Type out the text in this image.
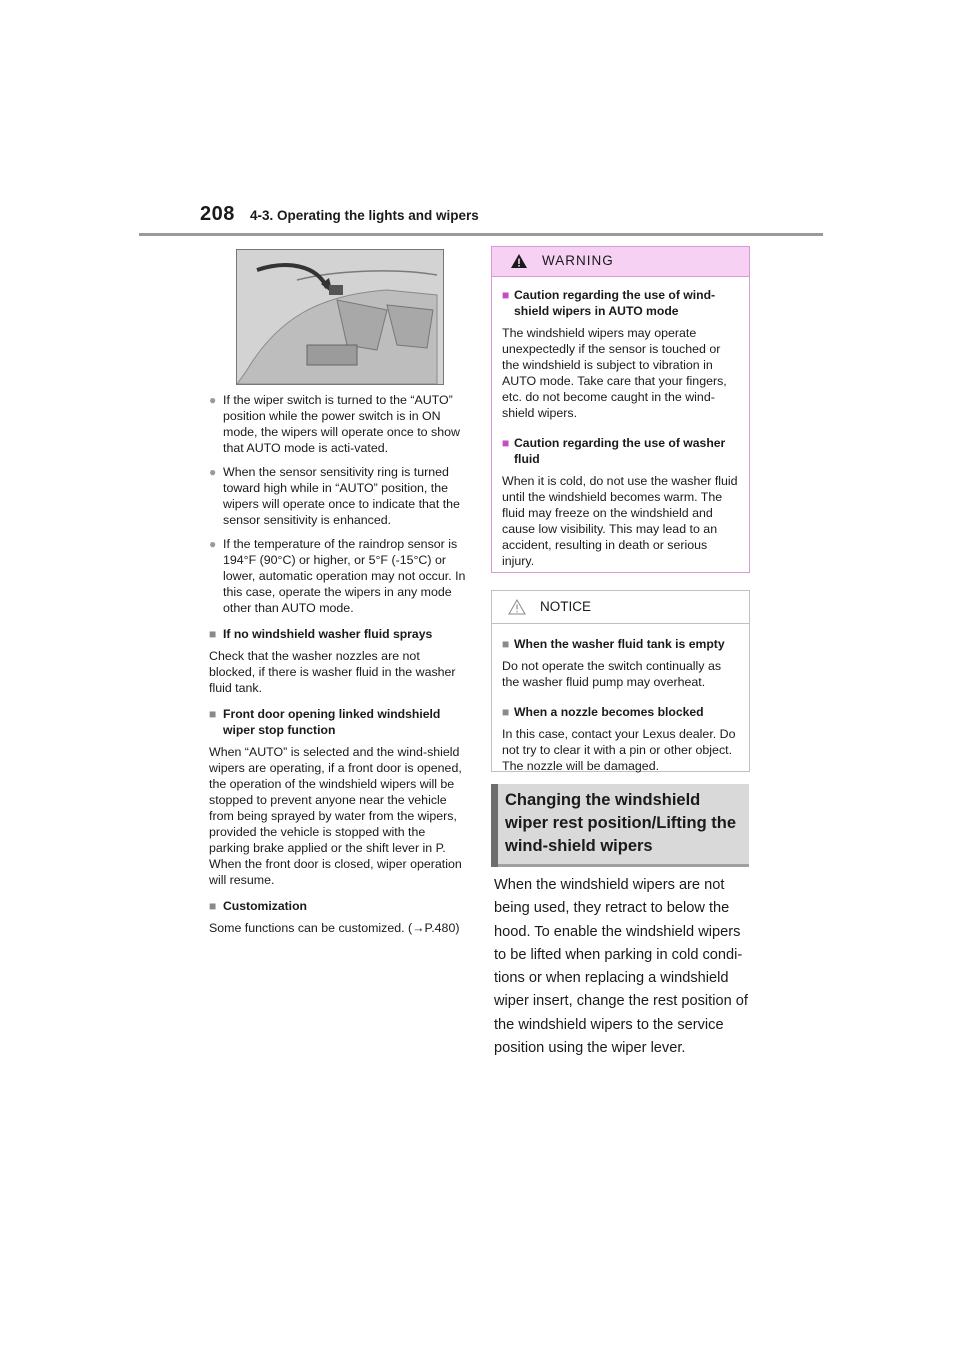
208 4-3. Operating the lights and wipers
● If the wiper switch is turned to the “AUTO” position while the power switch is in ON mode, the wipers will operate once to show that AUTO mode is acti-vated.
● When the sensor sensitivity ring is turned toward high while in “AUTO” position, the wipers will operate once to indicate that the sensor sensitivity is enhanced.
● If the temperature of the raindrop sensor is 194°F (90°C) or higher, or 5°F (-15°C) or lower, automatic operation may not occur. In this case, operate the wipers in any mode other than AUTO mode.
■ If no windshield washer fluid sprays
Check that the washer nozzles are not blocked, if there is washer fluid in the washer fluid tank.
■ Front door opening linked windshield wiper stop function
When “AUTO” is selected and the wind-shield wipers are operating, if a front door is opened, the operation of the windshield wipers will be stopped to prevent anyone near the vehicle from being sprayed by water from the wipers, provided the vehicle is stopped with the parking brake applied or the shift lever in P. When the front door is closed, wiper operation will resume.
■ Customization
Some functions can be customized. (→P.480)
WARNING
■ Caution regarding the use of wind-shield wipers in AUTO mode
The windshield wipers may operate unexpectedly if the sensor is touched or the windshield is subject to vibration in AUTO mode. Take care that your fingers, etc. do not become caught in the wind-shield wipers.
■ Caution regarding the use of washer fluid
When it is cold, do not use the washer fluid until the windshield becomes warm. The fluid may freeze on the windshield and cause low visibility. This may lead to an accident, resulting in death or serious injury.
NOTICE
■ When the washer fluid tank is empty
Do not operate the switch continually as the washer fluid pump may overheat.
■ When a nozzle becomes blocked
In this case, contact your Lexus dealer. Do not try to clear it with a pin or other object. The nozzle will be damaged.
Changing the windshield wiper rest position/Lifting the wind-shield wipers
When the windshield wipers are not being used, they retract to below the hood. To enable the windshield wipers to be lifted when parking in cold condi-tions or when replacing a windshield wiper insert, change the rest position of the windshield wipers to the service position using the wiper lever.
